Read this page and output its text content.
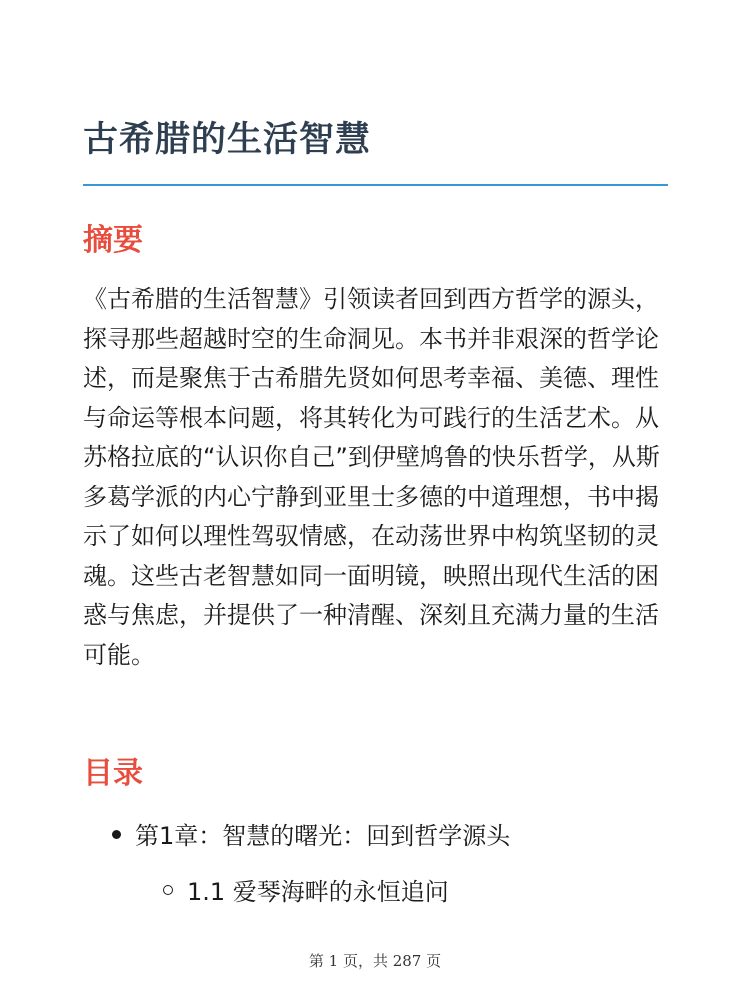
古希腊的生活智慧
摘要

《古希腊的生活智慧》引领读者回到西方哲学的源头，探寻那些超越时空的生命洞见。本书并非艰深的哲学论述，而是聚焦于古希腊先贤如何思考幸福、美德、理性与命运等根本问题，将其转化为可践行的生活艺术。从苏格拉底的“认识你自己”到伊壁鸠鲁的快乐哲学，从斯多葛学派的内心宁静到亚里士多德的中道理想，书中揭示了如何以理性驾驭情感，在动荡世界中构筑坚韧的灵魂。这些古老智慧如同一面明镜，映照出现代生活的困惑与焦虑，并提供了一种清醒、深刻且充满力量的生活可能。

目录
第1章：智慧的曙光：回到哲学源头
1.1 爱琴海畔的永恒追问
第 1 页，共 287 页
